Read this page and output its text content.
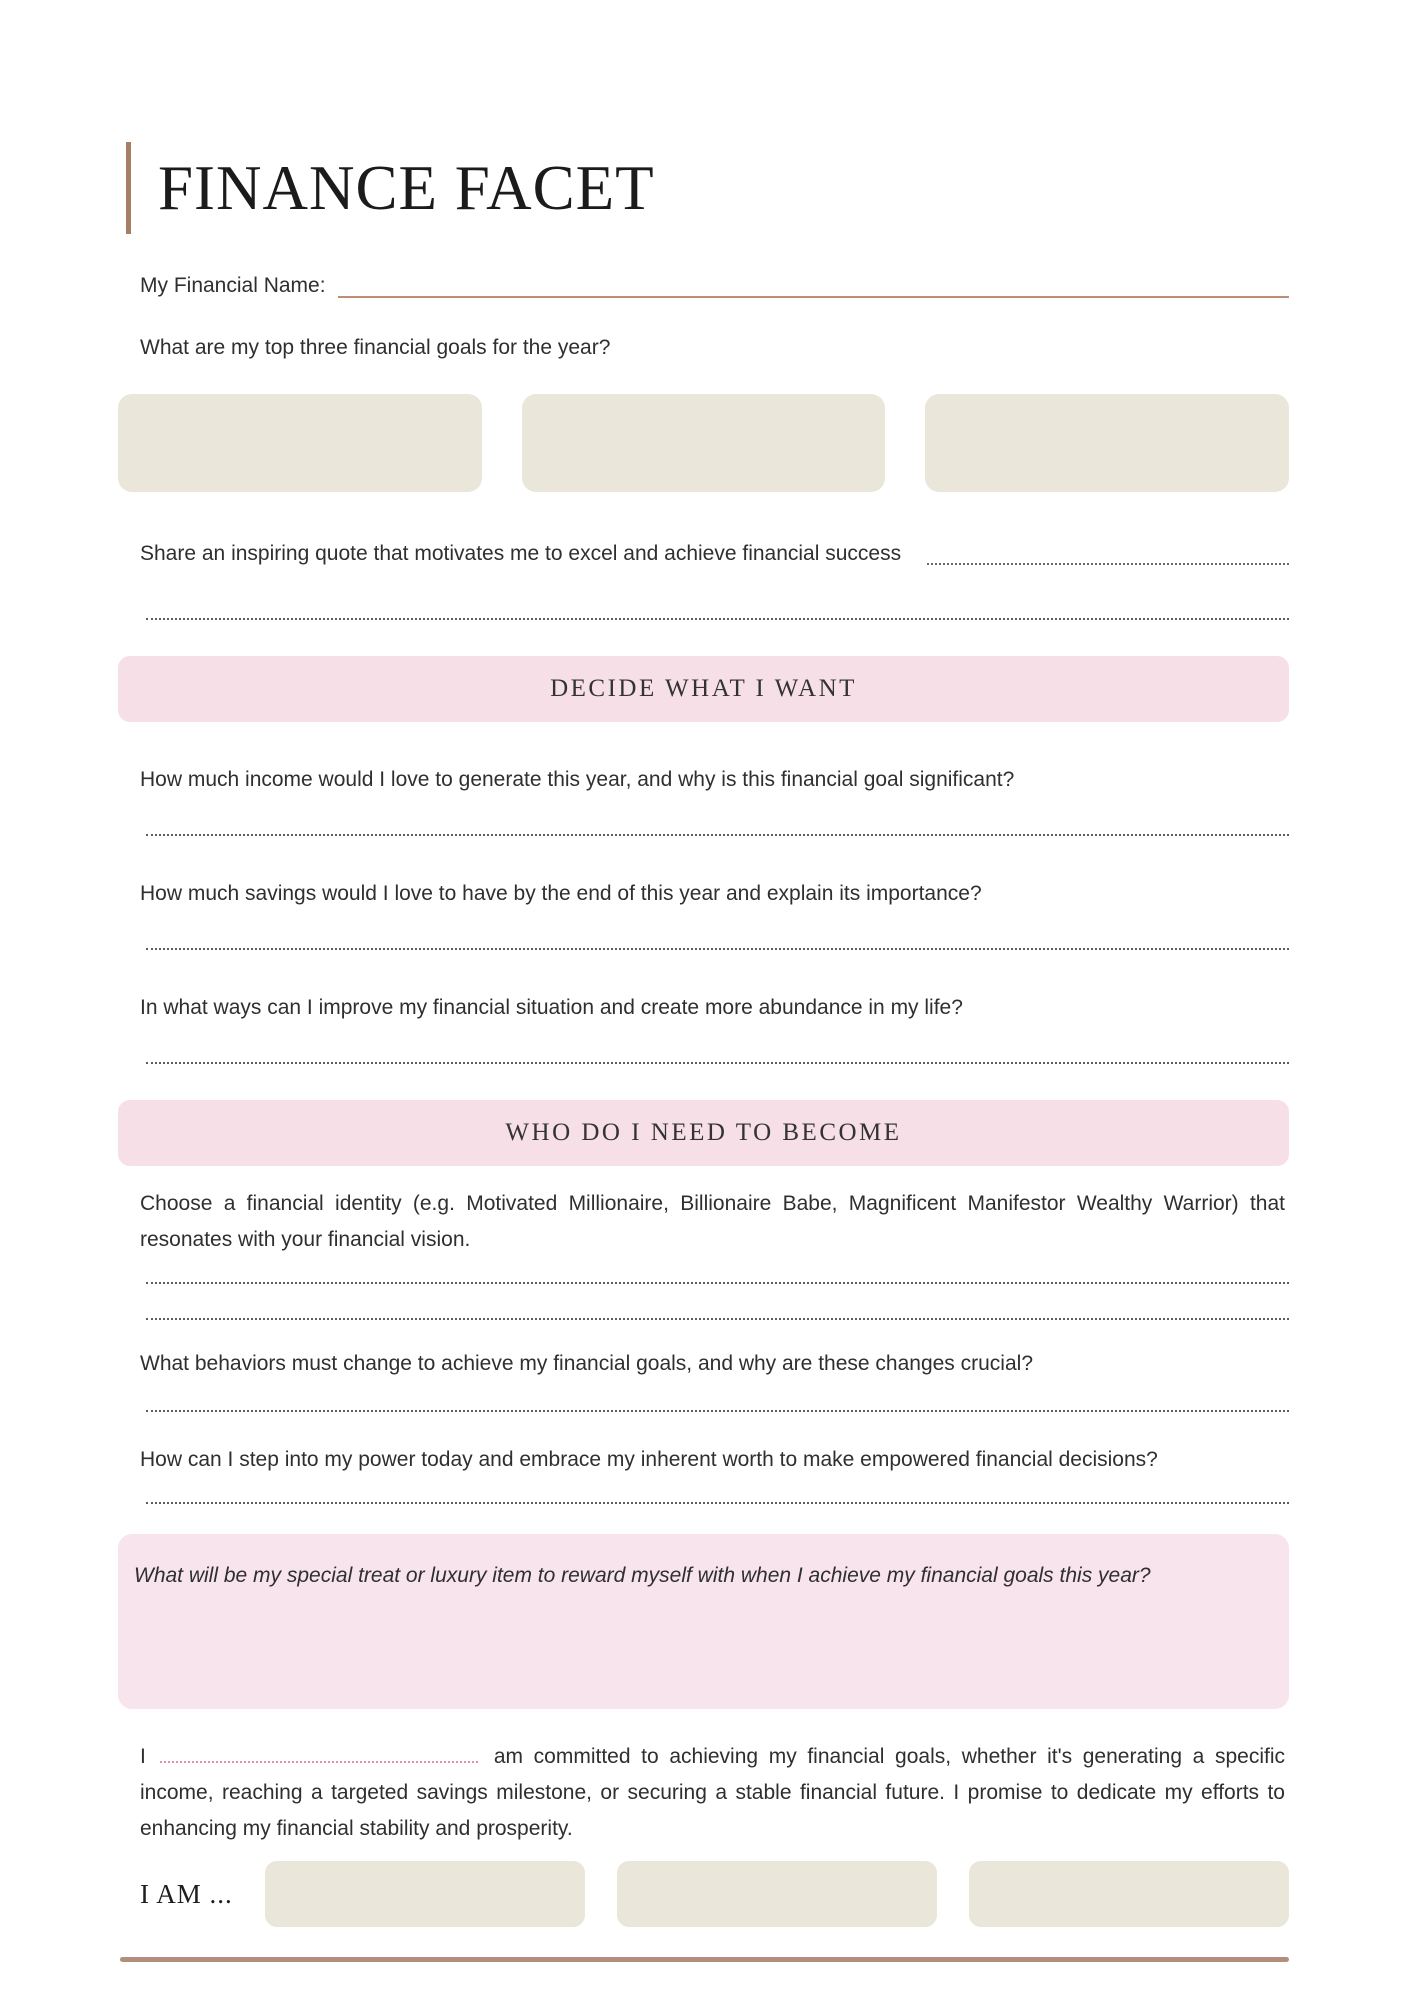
FINANCE FACET

My Financial Name:

What are my top three financial goals for the year?

Share an inspiring quote that motivates me to excel and achieve financial success

DECIDE WHAT I WANT

How much income would I love to generate this year, and why is this financial goal significant?

How much savings would I love to have by the end of this year and explain its importance?

In what ways can I improve my financial situation and create more abundance in my life?

WHO DO I NEED TO BECOME

Choose a financial identity (e.g. Motivated Millionaire, Billionaire Babe, Magnificent Manifestor Wealthy Warrior) that resonates with your financial vision.

What behaviors must change to achieve my financial goals, and why are these changes crucial?

How can I step into my power today and embrace my inherent worth to make empowered financial decisions?

What will be my special treat or luxury item to reward myself with when I achieve my financial goals this year?

I	am committed to achieving my financial goals, whether it's generating a specific income, reaching a targeted savings milestone, or securing a stable financial future. I promise to dedicate my efforts to enhancing my financial stability and prosperity.

I AM ...
